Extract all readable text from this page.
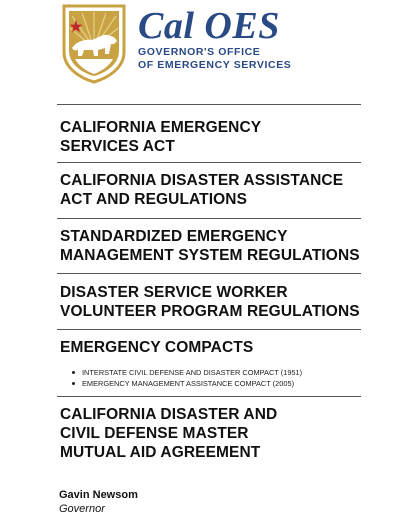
Cal OES
GOVERNOR'S OFFICE
OF EMERGENCY SERVICES
CALIFORNIA EMERGENCY SERVICES ACT
CALIFORNIA DISASTER ASSISTANCE ACT AND REGULATIONS
STANDARDIZED EMERGENCY MANAGEMENT SYSTEM REGULATIONS
DISASTER SERVICE WORKER VOLUNTEER PROGRAM REGULATIONS
EMERGENCY COMPACTS
INTERSTATE CIVIL DEFENSE AND DISASTER COMPACT (1951)
EMERGENCY MANAGEMENT ASSISTANCE COMPACT (2005)
CALIFORNIA DISASTER AND CIVIL DEFENSE MASTER MUTUAL AID AGREEMENT
Gavin Newsom
Governor
